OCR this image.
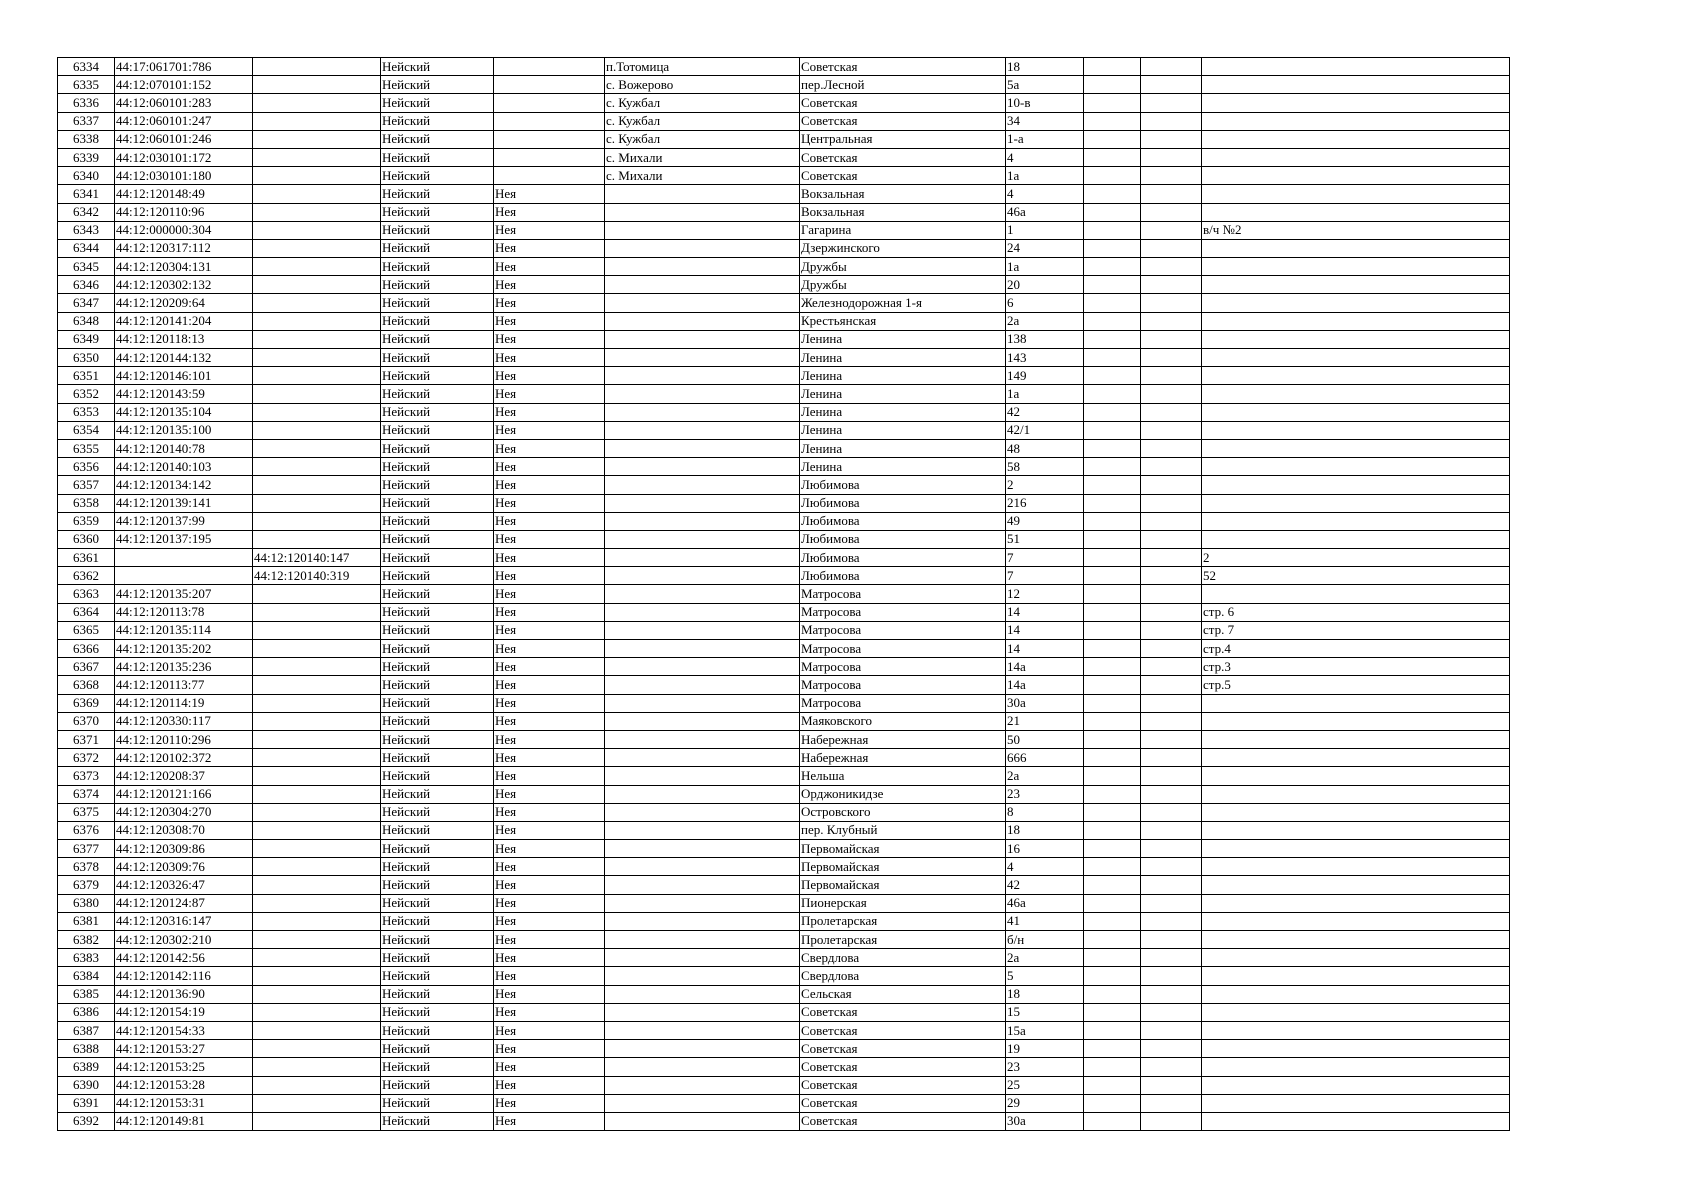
6334	44:17:061701:786		Нейский		п.Тотомица	Советская	18			
6335	44:12:070101:152		Нейский		с. Вожерово	пер.Лесной	5а			
6336	44:12:060101:283		Нейский		с. Кужбал	Советская	10-в			
6337	44:12:060101:247		Нейский		с. Кужбал	Советская	34			
6338	44:12:060101:246		Нейский		с. Кужбал	Центральная	1-а			
6339	44:12:030101:172		Нейский		с. Михали	Советская	4			
6340	44:12:030101:180		Нейский		с. Михали	Советская	1а			
6341	44:12:120148:49		Нейский	Нея		Вокзальная	4			
6342	44:12:120110:96		Нейский	Нея		Вокзальная	46а			
6343	44:12:000000:304		Нейский	Нея		Гагарина	1			в/ч №2
6344	44:12:120317:112		Нейский	Нея		Дзержинского	24			
6345	44:12:120304:131		Нейский	Нея		Дружбы	1а			
6346	44:12:120302:132		Нейский	Нея		Дружбы	20			
6347	44:12:120209:64		Нейский	Нея		Железнодорожная 1-я	6			
6348	44:12:120141:204		Нейский	Нея		Крестьянская	2а			
6349	44:12:120118:13		Нейский	Нея		Ленина	138			
6350	44:12:120144:132		Нейский	Нея		Ленина	143			
6351	44:12:120146:101		Нейский	Нея		Ленина	149			
6352	44:12:120143:59		Нейский	Нея		Ленина	1а			
6353	44:12:120135:104		Нейский	Нея		Ленина	42			
6354	44:12:120135:100		Нейский	Нея		Ленина	42/1			
6355	44:12:120140:78		Нейский	Нея		Ленина	48			
6356	44:12:120140:103		Нейский	Нея		Ленина	58			
6357	44:12:120134:142		Нейский	Нея		Любимова	2			
6358	44:12:120139:141		Нейский	Нея		Любимова	216			
6359	44:12:120137:99		Нейский	Нея		Любимова	49			
6360	44:12:120137:195		Нейский	Нея		Любимова	51			
6361		44:12:120140:147	Нейский	Нея		Любимова	7			2
6362		44:12:120140:319	Нейский	Нея		Любимова	7			52
6363	44:12:120135:207		Нейский	Нея		Матросова	12			
6364	44:12:120113:78		Нейский	Нея		Матросова	14			стр. 6
6365	44:12:120135:114		Нейский	Нея		Матросова	14			стр. 7
6366	44:12:120135:202		Нейский	Нея		Матросова	14			стр.4
6367	44:12:120135:236		Нейский	Нея		Матросова	14а			стр.3
6368	44:12:120113:77		Нейский	Нея		Матросова	14а			стр.5
6369	44:12:120114:19		Нейский	Нея		Матросова	30а			
6370	44:12:120330:117		Нейский	Нея		Маяковского	21			
6371	44:12:120110:296		Нейский	Нея		Набережная	50			
6372	44:12:120102:372		Нейский	Нея		Набережная	666			
6373	44:12:120208:37		Нейский	Нея		Нельша	2а			
6374	44:12:120121:166		Нейский	Нея		Орджоникидзе	23			
6375	44:12:120304:270		Нейский	Нея		Островского	8			
6376	44:12:120308:70		Нейский	Нея		пер. Клубный	18			
6377	44:12:120309:86		Нейский	Нея		Первомайская	16			
6378	44:12:120309:76		Нейский	Нея		Первомайская	4			
6379	44:12:120326:47		Нейский	Нея		Первомайская	42			
6380	44:12:120124:87		Нейский	Нея		Пионерская	46а			
6381	44:12:120316:147		Нейский	Нея		Пролетарская	41			
6382	44:12:120302:210		Нейский	Нея		Пролетарская	б/н			
6383	44:12:120142:56		Нейский	Нея		Свердлова	2а			
6384	44:12:120142:116		Нейский	Нея		Свердлова	5			
6385	44:12:120136:90		Нейский	Нея		Сельская	18			
6386	44:12:120154:19		Нейский	Нея		Советская	15			
6387	44:12:120154:33		Нейский	Нея		Советская	15а			
6388	44:12:120153:27		Нейский	Нея		Советская	19			
6389	44:12:120153:25		Нейский	Нея		Советская	23			
6390	44:12:120153:28		Нейский	Нея		Советская	25			
6391	44:12:120153:31		Нейский	Нея		Советская	29			
6392	44:12:120149:81		Нейский	Нея		Советская	30а			
